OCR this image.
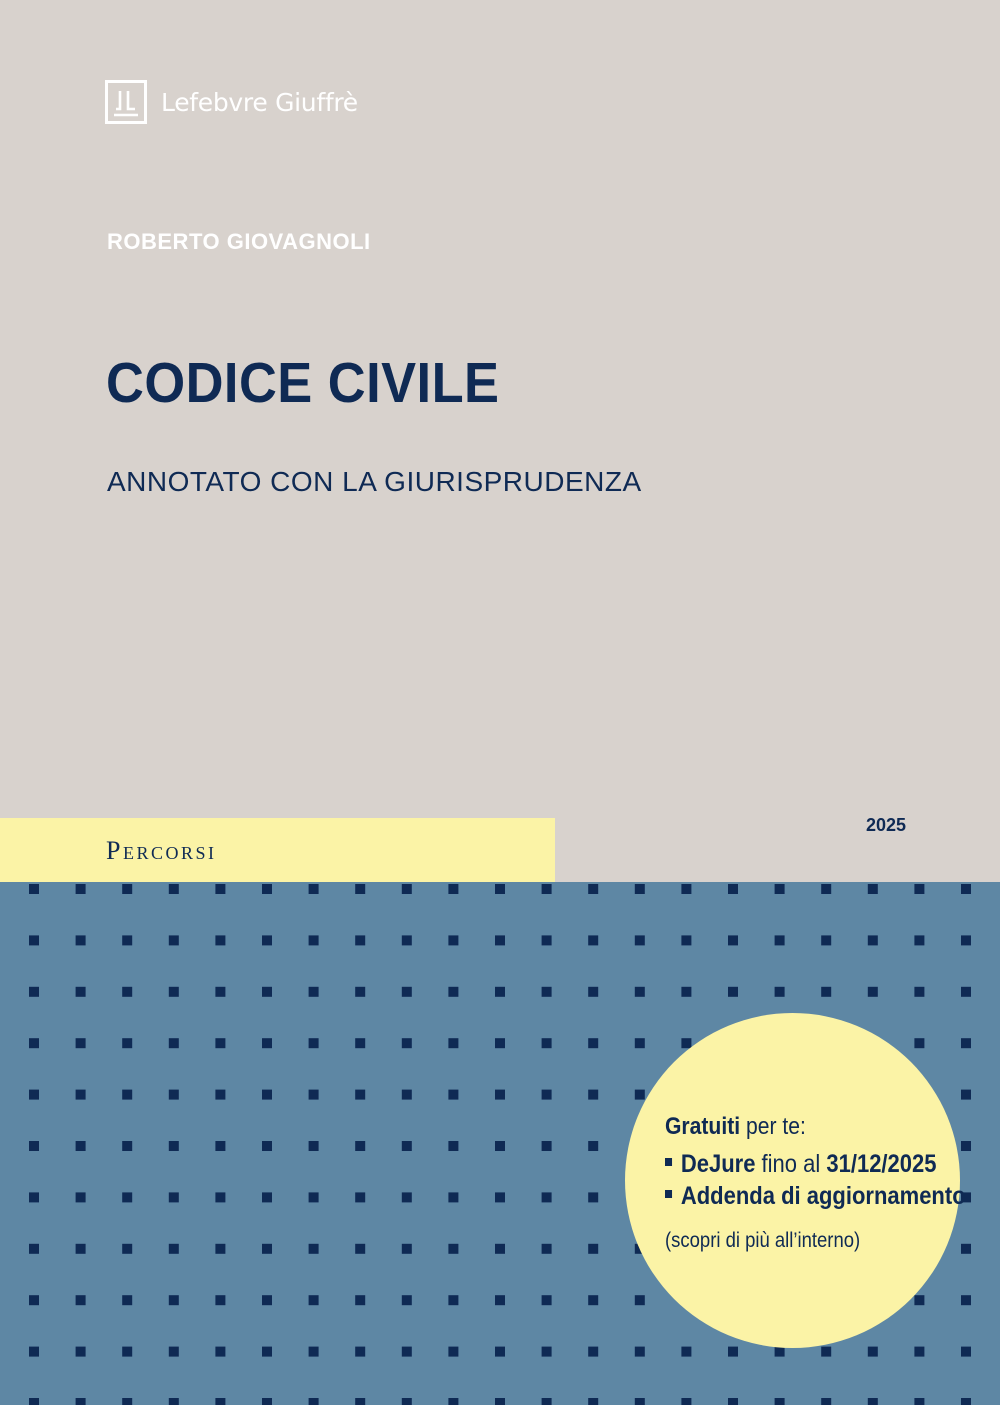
Lefebvre Giuffrè
ROBERTO GIOVAGNOLI
CODICE CIVILE
ANNOTATO CON LA GIURISPRUDENZA
Percorsi
2025
Gratuiti per te:
DeJure fino al 31/12/2025
Addenda di aggiornamento
(scopri di più all’interno)
